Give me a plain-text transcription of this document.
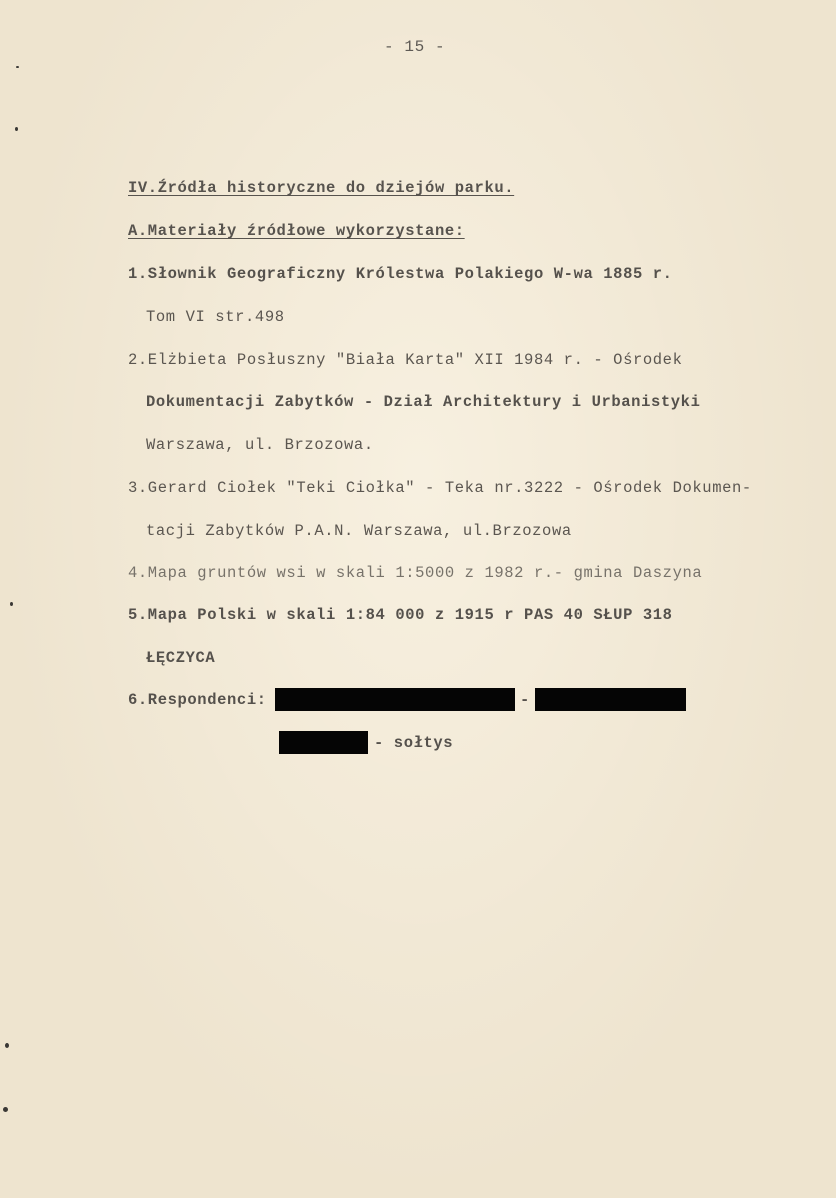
- 15 -
IV.Źródła historyczne do dziejów parku.
A.Materiały źródłowe wykorzystane:
1.Słownik Geograficzny Królestwa Polakiego W-wa 1885 r.
Tom VI str.498
2.Elżbieta Posłuszny "Biała Karta" XII 1984 r. - Ośrodek
Dokumentacji Zabytków - Dział Architektury i Urbanistyki
Warszawa, ul. Brzozowa.
3.Gerard Ciołek "Teki Ciołka" - Teka nr.3222 - Ośrodek Dokumen-
tacji Zabytków P.A.N. Warszawa, ul.Brzozowa
4.Mapa gruntów wsi w skali 1:5000 z 1982 r.- gmina Daszyna
5.Mapa Polski w skali 1:84 000 z 1915 r PAS 40 SŁUP 318
ŁĘCZYCA
6.Respondenci:	-
- sołtys
